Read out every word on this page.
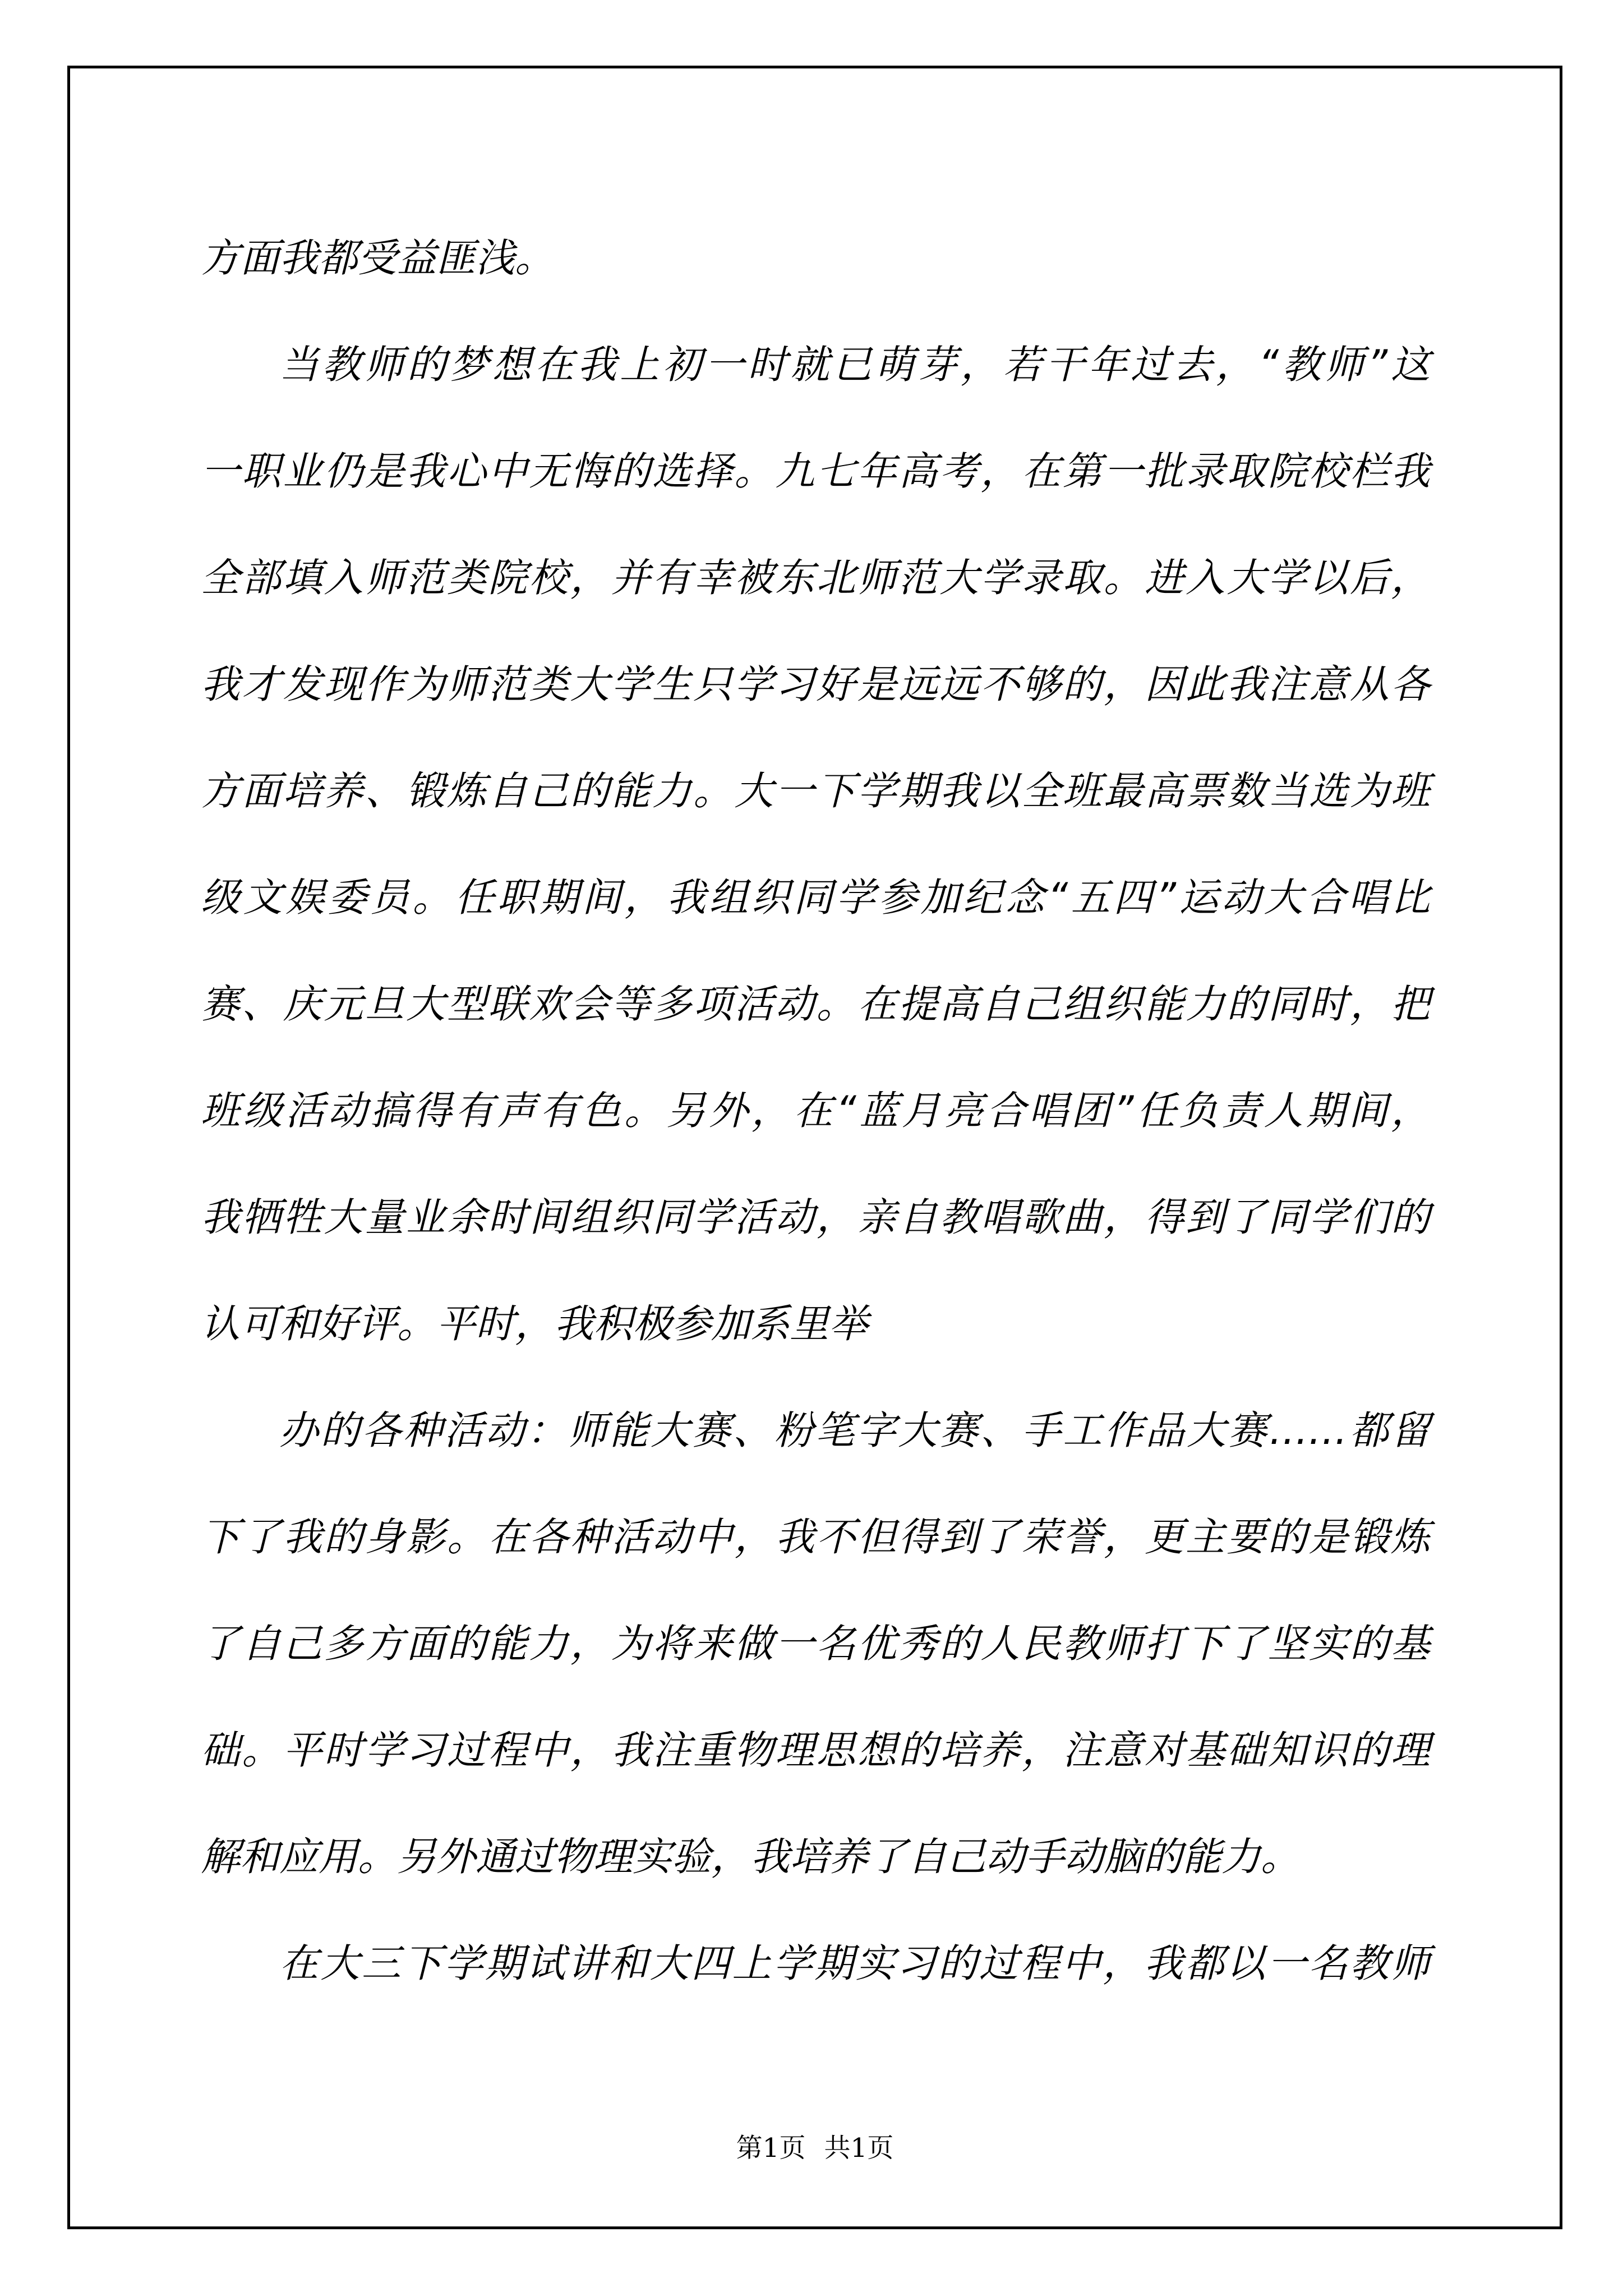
方面我都受益匪浅。
当教师的梦想在我上初一时就已萌芽，若干年过去，“教师”这
一职业仍是我心中无悔的选择。九七年高考，在第一批录取院校栏我
全部填入师范类院校，并有幸被东北师范大学录取。进入大学以后，
我才发现作为师范类大学生只学习好是远远不够的，因此我注意从各
方面培养、锻炼自己的能力。大一下学期我以全班最高票数当选为班
级文娱委员。任职期间，我组织同学参加纪念“五四”运动大合唱比
赛、庆元旦大型联欢会等多项活动。在提高自己组织能力的同时，把
班级活动搞得有声有色。另外，在“蓝月亮合唱团”任负责人期间，
我牺牲大量业余时间组织同学活动，亲自教唱歌曲，得到了同学们的
认可和好评。平时，我积极参加系里举
办的各种活动：师能大赛、粉笔字大赛、手工作品大赛……都留
下了我的身影。在各种活动中，我不但得到了荣誉，更主要的是锻炼
了自己多方面的能力，为将来做一名优秀的人民教师打下了坚实的基
础。平时学习过程中，我注重物理思想的培养，注意对基础知识的理
解和应用。另外通过物理实验，我培养了自己动手动脑的能力。
在大三下学期试讲和大四上学期实习的过程中，我都以一名教师
第1页 共1页
